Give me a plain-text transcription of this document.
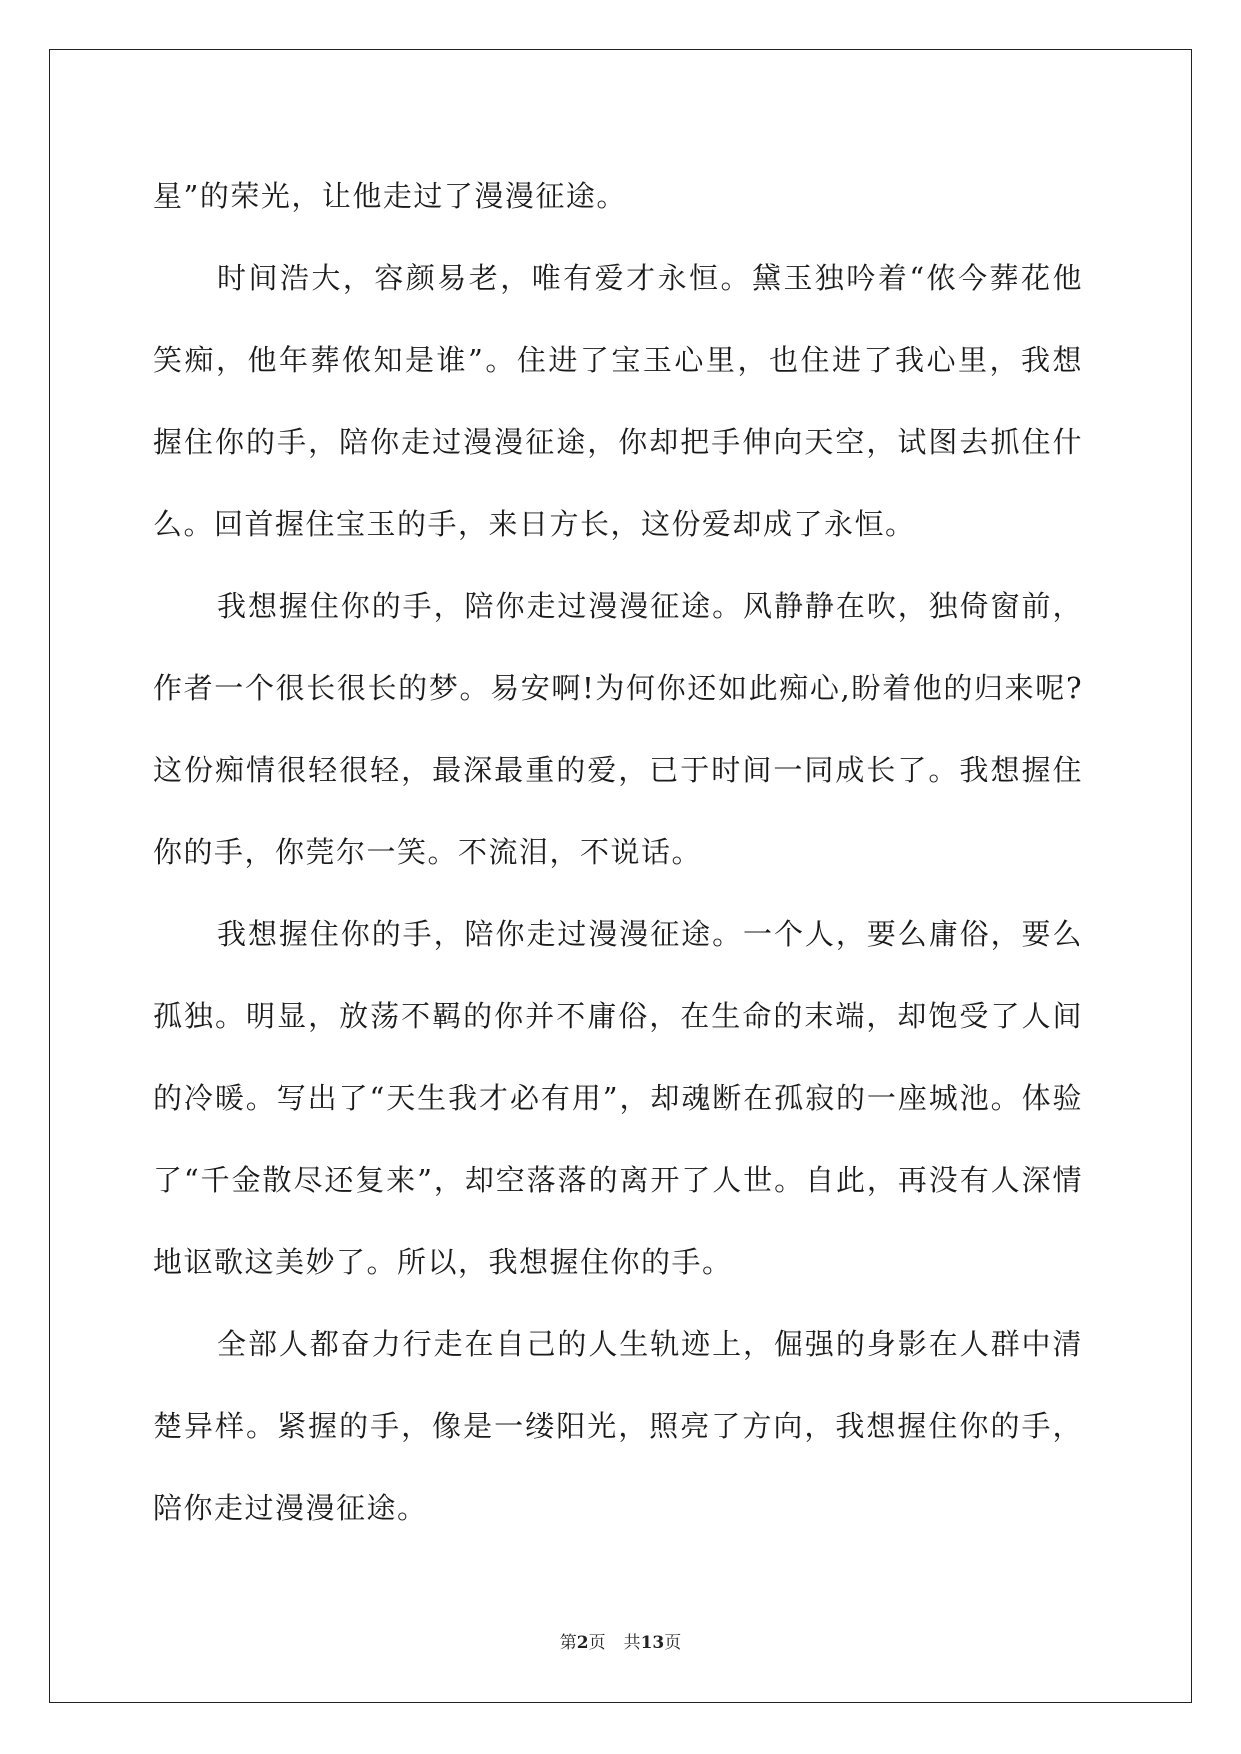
星”的荣光，让他走过了漫漫征途。

时间浩大，容颜易老，唯有爱才永恒。黛玉独吟着“侬今葬花他笑痴，他年葬侬知是谁”。住进了宝玉心里，也住进了我心里，我想握住你的手，陪你走过漫漫征途，你却把手伸向天空，试图去抓住什么。回首握住宝玉的手，来日方长，这份爱却成了永恒。

我想握住你的手，陪你走过漫漫征途。风静静在吹，独倚窗前，作者一个很长很长的梦。易安啊!为何你还如此痴心,盼着他的归来呢?这份痴情很轻很轻，最深最重的爱，已于时间一同成长了。我想握住你的手，你莞尔一笑。不流泪，不说话。

我想握住你的手，陪你走过漫漫征途。一个人，要么庸俗，要么孤独。明显，放荡不羁的你并不庸俗，在生命的末端，却饱受了人间的冷暖。写出了“天生我才必有用”，却魂断在孤寂的一座城池。体验了“千金散尽还复来”，却空落落的离开了人世。自此，再没有人深情地讴歌这美妙了。所以，我想握住你的手。

全部人都奋力行走在自己的人生轨迹上，倔强的身影在人群中清楚异样。紧握的手，像是一缕阳光，照亮了方向，我想握住你的手，陪你走过漫漫征途。

第2页 共13页
